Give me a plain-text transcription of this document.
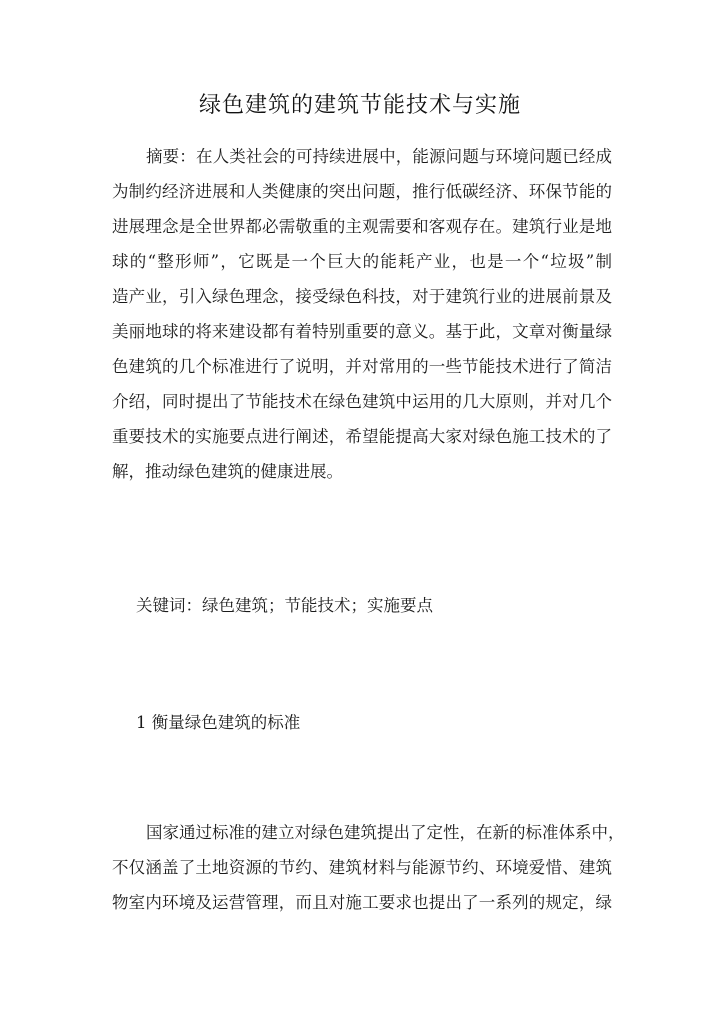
绿色建筑的建筑节能技术与实施
摘要：在人类社会的可持续进展中，能源问题与环境问题已经成
为制约经济进展和人类健康的突出问题，推行低碳经济、环保节能的
进展理念是全世界都必需敬重的主观需要和客观存在。建筑行业是地
球的“整形师”，它既是一个巨大的能耗产业，也是一个“垃圾”制
造产业，引入绿色理念，接受绿色科技，对于建筑行业的进展前景及
美丽地球的将来建设都有着特别重要的意义。基于此，文章对衡量绿
色建筑的几个标准进行了说明，并对常用的一些节能技术进行了简洁
介绍，同时提出了节能技术在绿色建筑中运用的几大原则，并对几个
重要技术的实施要点进行阐述，希望能提高大家对绿色施工技术的了
解，推动绿色建筑的健康进展。
关键词：绿色建筑；节能技术；实施要点
1 衡量绿色建筑的标准
国家通过标准的建立对绿色建筑提出了定性，在新的标准体系中，
不仅涵盖了土地资源的节约、建筑材料与能源节约、环境爱惜、建筑
物室内环境及运营管理，而且对施工要求也提出了一系列的规定，绿
